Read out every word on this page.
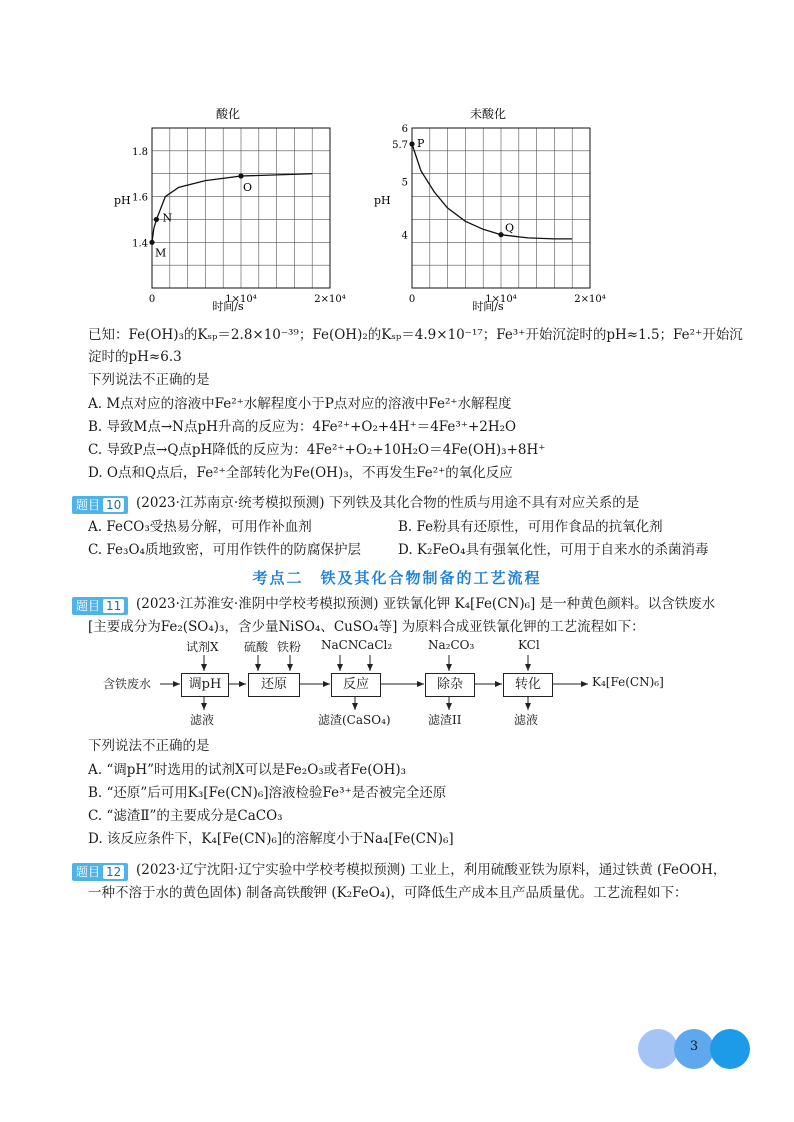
酸化
0	1×10⁴	2×10⁴
1.4
1.6
1.8
M
N
O
pH
时间/s
未酸化
0	1×10⁴	2×10⁴
4
5
5.7
6
P
Q
pH
时间/s
已知：Fe(OH)₃的Kₛₚ＝2.8×10⁻³⁹；Fe(OH)₂的Kₛₚ＝4.9×10⁻¹⁷；Fe³⁺开始沉淀时的pH≈1.5；Fe²⁺开始沉
淀时的pH≈6.3
下列说法不正确的是
A. M点对应的溶液中Fe²⁺水解程度小于P点对应的溶液中Fe²⁺水解程度
B. 导致M点→N点pH升高的反应为：4Fe²⁺+O₂+4H⁺＝4Fe³⁺+2H₂O
C. 导致P点→Q点pH降低的反应为：4Fe²⁺+O₂+10H₂O＝4Fe(OH)₃+8H⁺
D. O点和Q点后，Fe²⁺全部转化为Fe(OH)₃，不再发生Fe²⁺的氧化反应
题目 10	(2023·江苏南京·统考模拟预测) 下列铁及其化合物的性质与用途不具有对应关系的是
A. FeCO₃受热易分解，可用作补血剂	B. Fe粉具有还原性，可用作食品的抗氧化剂
C. Fe₃O₄质地致密，可用作铁件的防腐保护层	D. K₂FeO₄具有强氧化性，可用于自来水的杀菌消毒
考点二　铁及其化合物制备的工艺流程
题目 11	(2023·江苏淮安·淮阴中学校考模拟预测) 亚铁氰化钾 K₄[Fe(CN)₆] 是一种黄色颜料。以含铁废水
[主要成分为Fe₂(SO₄)₃，含少量NiSO₄、CuSO₄等] 为原料合成亚铁氰化钾的工艺流程如下：
含铁废水	调pH	还原	反应	除杂	转化	K₄[Fe(CN)₆]
试剂X 硫酸 铁粉 NaCN CaCl₂	Na₂CO₃	KCl
滤液	滤渣(CaSO₄)	滤渣II	滤液
下列说法不正确的是
A. “调pH”时选用的试剂X可以是Fe₂O₃或者Fe(OH)₃
B. “还原”后可用K₃[Fe(CN)₆]溶液检验Fe³⁺是否被完全还原
C. “滤渣Ⅱ”的主要成分是CaCO₃
D. 该反应条件下，K₄[Fe(CN)₆]的溶解度小于Na₄[Fe(CN)₆]
题目 12	(2023·辽宁沈阳·辽宁实验中学校考模拟预测) 工业上，利用硫酸亚铁为原料，通过铁黄 (FeOOH，
一种不溶于水的黄色固体) 制备高铁酸钾 (K₂FeO₄)，可降低生产成本且产品质量优。工艺流程如下：
3
